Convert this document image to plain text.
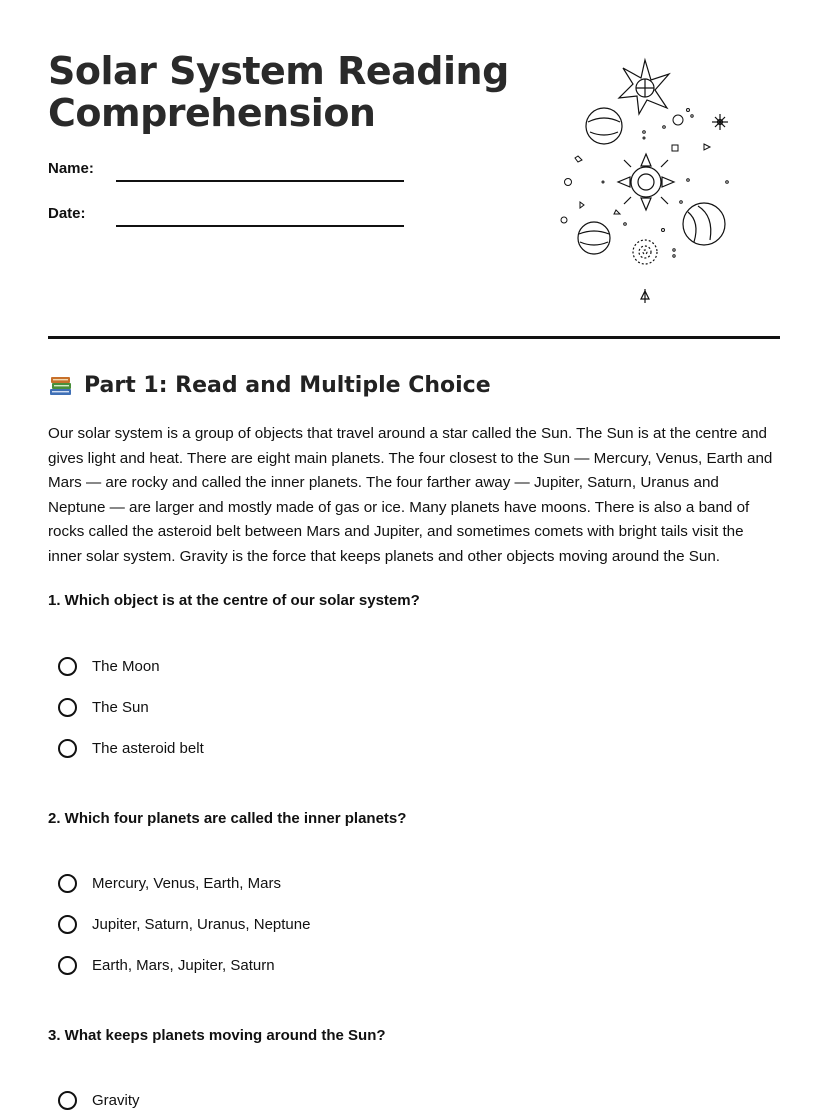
Solar System Reading
Comprehension
Name:
Date:
Part 1: Read and Multiple Choice

Our solar system is a group of objects that travel around a star called the Sun. The Sun is at the centre and gives light and heat. There are eight main planets. The four closest to the Sun — Mercury, Venus, Earth and Mars — are rocky and called the inner planets. The four farther away — Jupiter, Saturn, Uranus and Neptune — are larger and mostly made of gas or ice. Many planets have moons. There is also a band of rocks called the asteroid belt between Mars and Jupiter, and sometimes comets with bright tails visit the inner solar system. Gravity is the force that keeps planets and other objects moving around the Sun.

1. Which object is at the centre of our solar system?

The Moon
The Sun
The asteroid belt

2. Which four planets are called the inner planets?

Mercury, Venus, Earth, Mars
Jupiter, Saturn, Uranus, Neptune
Earth, Mars, Jupiter, Saturn

3. What keeps planets moving around the Sun?

Gravity
